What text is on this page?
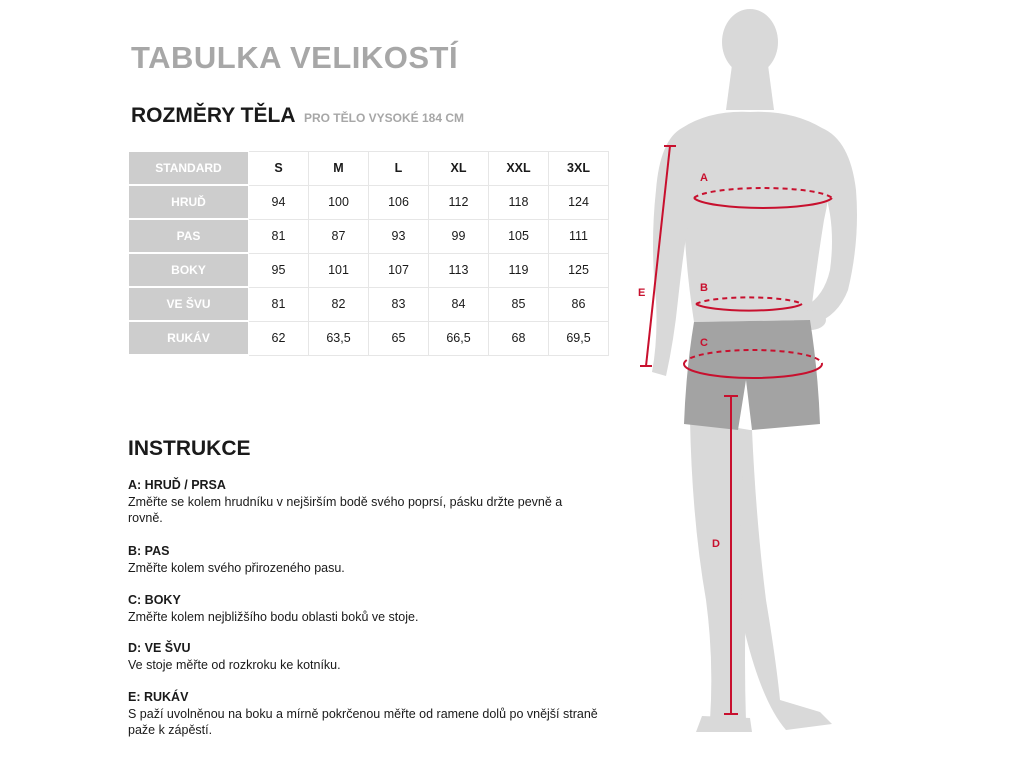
TABULKA VELIKOSTÍ
ROZMĚRY TĚLA PRO TĚLO VYSOKÉ 184 CM
STANDARD	S	M	L	XL	XXL	3XL
HRUĎ	94	100	106	112	118	124
PAS	81	87	93	99	105	111
BOKY	95	101	107	113	119	125
VE ŠVU	81	82	83	84	85	86
RUKÁV	62	63,5	65	66,5	68	69,5
INSTRUKCE
A: HRUĎ / PRSA
Změřte se kolem hrudníku v nejširším bodě svého poprsí, pásku držte pevně a rovně.
B: PAS
Změřte kolem svého přirozeného pasu.
C: BOKY
Změřte kolem nejbližšího bodu oblasti boků ve stoje.
D: VE ŠVU
Ve stoje měřte od rozkroku ke kotníku.
E: RUKÁV
S paží uvolněnou na boku a mírně pokrčenou měřte od ramene dolů po vnější straně paže k zápěstí.
A
B
C
D
E
